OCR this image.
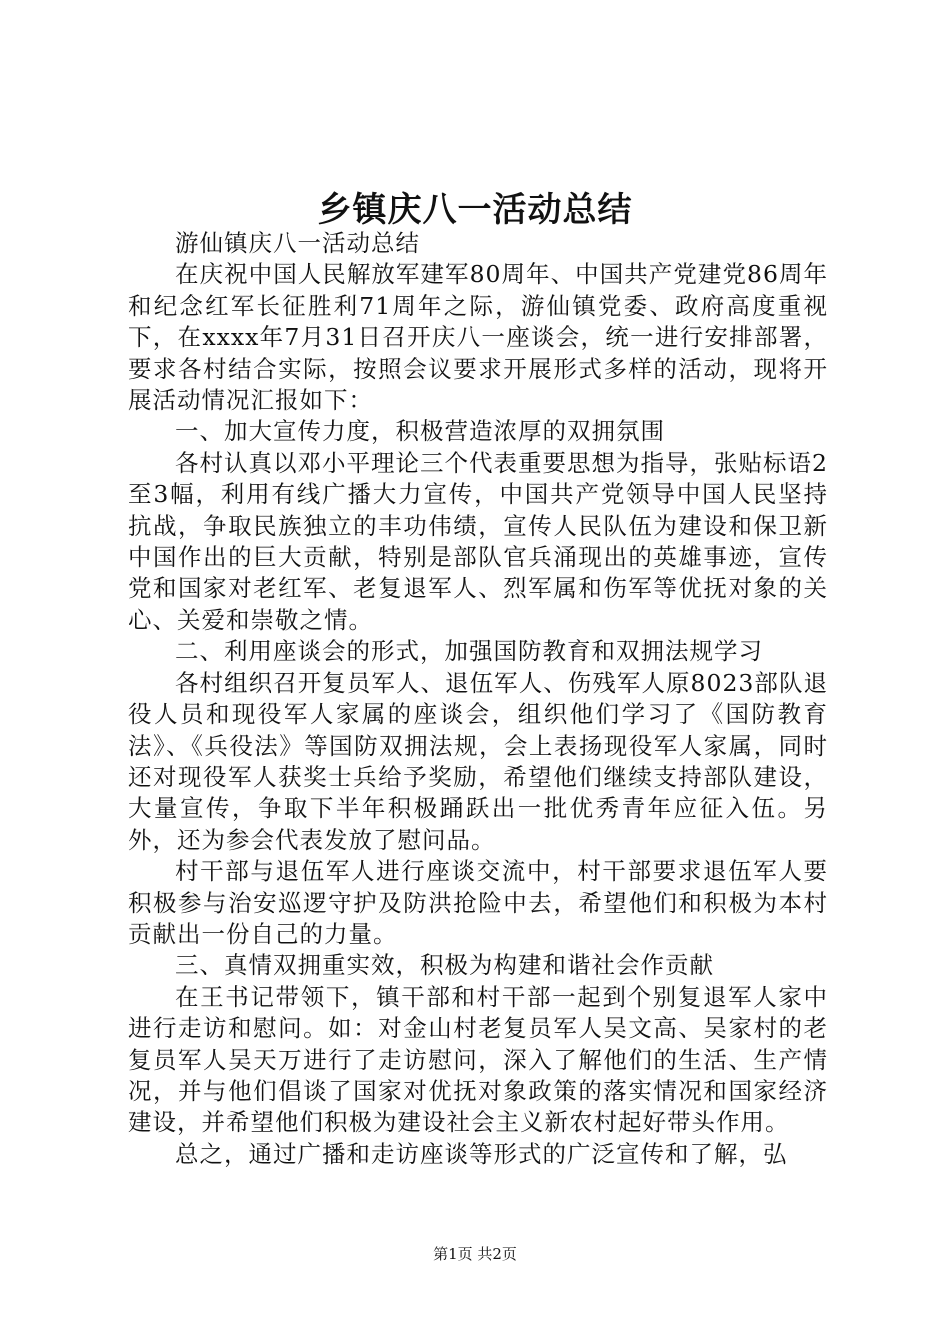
乡镇庆八一活动总结

游仙镇庆八一活动总结

在庆祝中国人民解放军建军80周年、中国共产党建党86周年和纪念红军长征胜利71周年之际，游仙镇党委、政府高度重视下，在xxxx年7月31日召开庆八一座谈会，统一进行安排部署，要求各村结合实际，按照会议要求开展形式多样的活动，现将开展活动情况汇报如下：

一、加大宣传力度，积极营造浓厚的双拥氛围

各村认真以邓小平理论三个代表重要思想为指导，张贴标语2至3幅，利用有线广播大力宣传，中国共产党领导中国人民坚持抗战，争取民族独立的丰功伟绩，宣传人民队伍为建设和保卫新中国作出的巨大贡献，特别是部队官兵涌现出的英雄事迹，宣传党和国家对老红军、老复退军人、烈军属和伤军等优抚对象的关心、关爱和崇敬之情。

二、利用座谈会的形式，加强国防教育和双拥法规学习

各村组织召开复员军人、退伍军人、伤残军人原8023部队退役人员和现役军人家属的座谈会，组织他们学习了《国防教育法》、《兵役法》等国防双拥法规，会上表扬现役军人家属，同时还对现役军人获奖士兵给予奖励，希望他们继续支持部队建设，大量宣传，争取下半年积极踊跃出一批优秀青年应征入伍。另外，还为参会代表发放了慰问品。

村干部与退伍军人进行座谈交流中，村干部要求退伍军人要积极参与治安巡逻守护及防洪抢险中去，希望他们和积极为本村贡献出一份自己的力量。

三、真情双拥重实效，积极为构建和谐社会作贡献

在王书记带领下，镇干部和村干部一起到个别复退军人家中进行走访和慰问。如：对金山村老复员军人吴文高、吴家村的老复员军人吴天万进行了走访慰问，深入了解他们的生活、生产情况，并与他们倡谈了国家对优抚对象政策的落实情况和国家经济建设，并希望他们积极为建设社会主义新农村起好带头作用。

总之，通过广播和走访座谈等形式的广泛宣传和了解，弘

第1页 共2页
